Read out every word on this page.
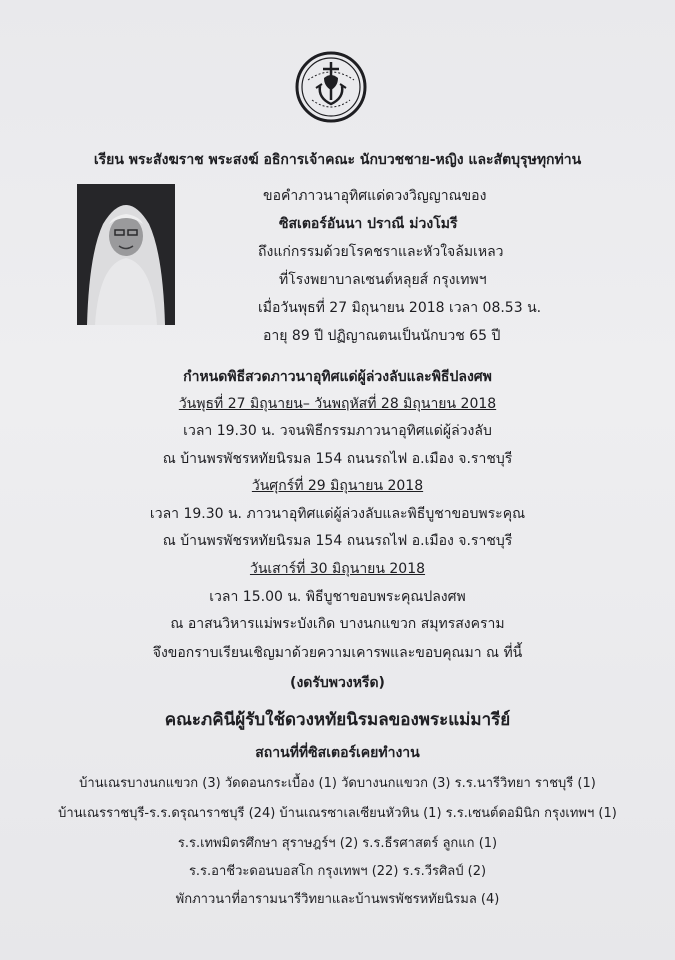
เรียน พระสังฆราช พระสงฆ์ อธิการเจ้าคณะ นักบวชชาย-หญิง และสัตบุรุษทุกท่าน
ขอคำภาวนาอุทิศแด่ดวงวิญญาณของ
ซิสเตอร์อันนา ปราณี ม่วงโมรี
ถึงแก่กรรมด้วยโรคชราและหัวใจล้มเหลว
ที่โรงพยาบาลเซนต์หลุยส์ กรุงเทพฯ
เมื่อวันพุธที่ 27 มิถุนายน 2018 เวลา 08.53 น.
อายุ 89 ปี ปฏิญาณตนเป็นนักบวช 65 ปี
กำหนดพิธีสวดภาวนาอุทิศแด่ผู้ล่วงลับและพิธีปลงศพ
วันพุธที่ 27 มิถุนายน– วันพฤหัสที่ 28 มิถุนายน 2018
เวลา 19.30 น. วจนพิธีกรรมภาวนาอุทิศแด่ผู้ล่วงลับ
ณ บ้านพรพัชรหทัยนิรมล 154 ถนนรถไฟ อ.เมือง จ.ราชบุรี
วันศุกร์ที่ 29 มิถุนายน 2018
เวลา 19.30 น. ภาวนาอุทิศแด่ผู้ล่วงลับและพิธีบูชาขอบพระคุณ
ณ บ้านพรพัชรหทัยนิรมล 154 ถนนรถไฟ อ.เมือง จ.ราชบุรี
วันเสาร์ที่ 30 มิถุนายน 2018
เวลา 15.00 น. พิธีบูชาขอบพระคุณปลงศพ
ณ อาสนวิหารแม่พระบังเกิด บางนกแขวก สมุทรสงคราม
จึงขอกราบเรียนเชิญมาด้วยความเคารพและขอบคุณมา ณ ที่นี้
(งดรับพวงหรีด)
คณะภคินีผู้รับใช้ดวงหทัยนิรมลของพระแม่มารีย์
สถานที่ที่ซิสเตอร์เคยทำงาน
บ้านเณรบางนกแขวก (3) วัดดอนกระเบื้อง (1) วัดบางนกแขวก (3) ร.ร.นารีวิทยา ราชบุรี (1)
บ้านเณรราชบุรี-ร.ร.ดรุณาราชบุรี (24) บ้านเณรซาเลเซียนหัวหิน (1) ร.ร.เซนต์ดอมินิก กรุงเทพฯ (1)
ร.ร.เทพมิตรศึกษา สุราษฎร์ฯ (2) ร.ร.ธีรศาสตร์ ลูกแก (1)
ร.ร.อาชีวะดอนบอสโก กรุงเทพฯ (22) ร.ร.วีรศิลป์ (2)
พักภาวนาที่อารามนารีวิทยาและบ้านพรพัชรหทัยนิรมล (4)
